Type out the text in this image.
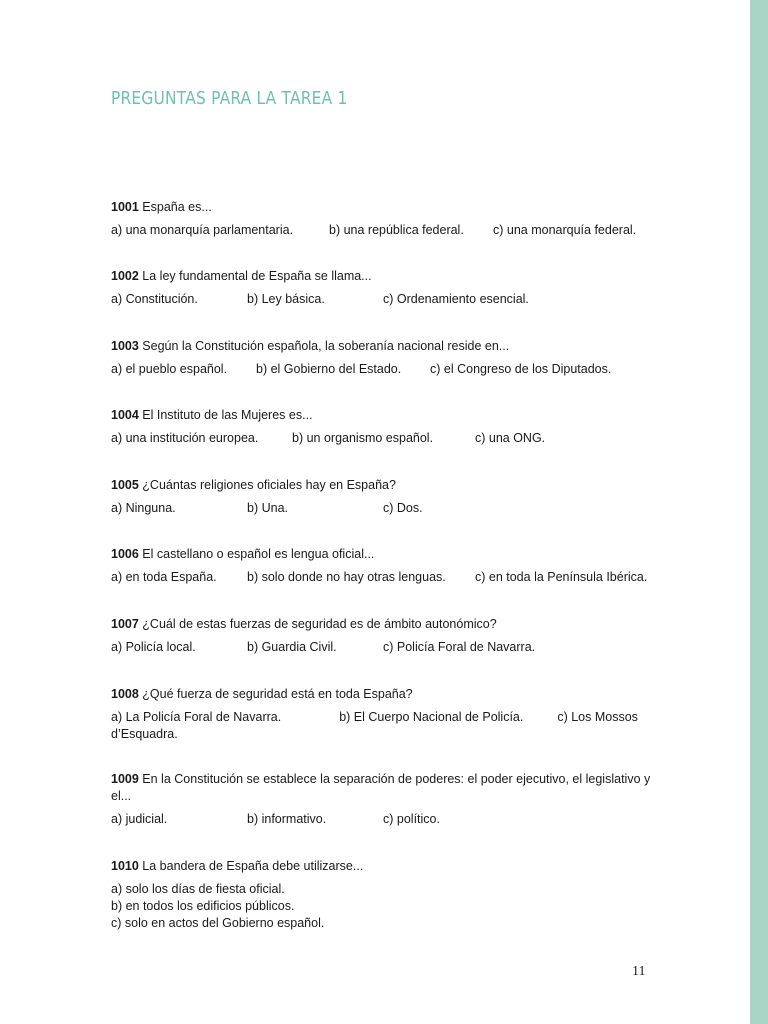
PREGUNTAS PARA LA TAREA 1

1001 España es...

a) una monarquía parlamentaria.	b) una república federal. c) una monarquía federal.

1002 La ley fundamental de España se llama...

a) Constitución.	b) Ley básica.	c) Ordenamiento esencial.

1003 Según la Constitución española, la soberanía nacional reside en...

a) el pueblo español. b) el Gobierno del Estado. c) el Congreso de los Diputados.

1004 El Instituto de las Mujeres es...

a) una institución europea.	b) un organismo español.	c) una ONG.

1005 ¿Cuántas religiones oficiales hay en España?

a) Ninguna.	b) Una.	c) Dos.

1006 El castellano o español es lengua oficial...

a) en toda España. b) solo donde no hay otras lenguas. c) en toda la Península Ibérica.

1007 ¿Cuál de estas fuerzas de seguridad es de ámbito autonómico?

a) Policía local.	b) Guardia Civil.	c) Policía Foral de Navarra.

1008 ¿Qué fuerza de seguridad está en toda España?

a) La Policía Foral de Navarra.	b) El Cuerpo Nacional de Policía.	c) Los Mossos d’Esquadra.

1009 En la Constitución se establece la separación de poderes: el poder ejecutivo, el legislativo y el...

a) judicial.	b) informativo.	c) político.

1010 La bandera de España debe utilizarse...

a) solo los días de fiesta oficial.
b) en todos los edificios públicos.
c) solo en actos del Gobierno español.
11
